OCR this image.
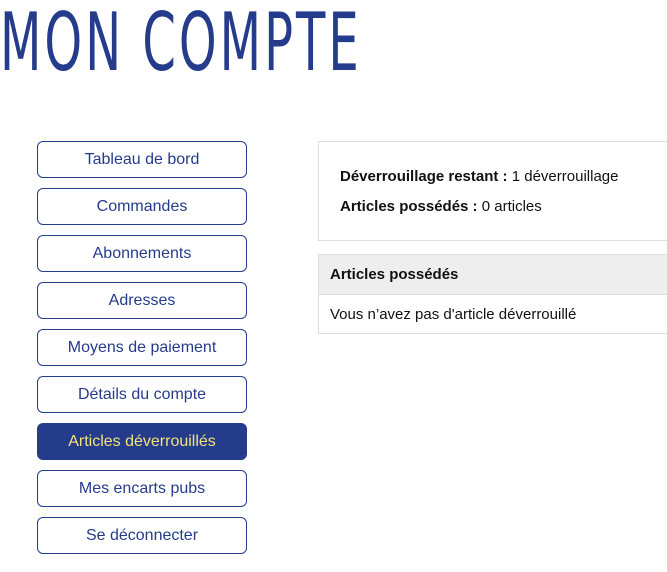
MON COMPTE
Tableau de bord
Commandes
Abonnements
Adresses
Moyens de paiement
Détails du compte
Articles déverrouillés
Mes encarts pubs
Se déconnecter
Déverrouillage restant : 1 déverrouillage
Articles possédés : 0 articles
Articles possédés
Vous n’avez pas d'article déverrouillé
